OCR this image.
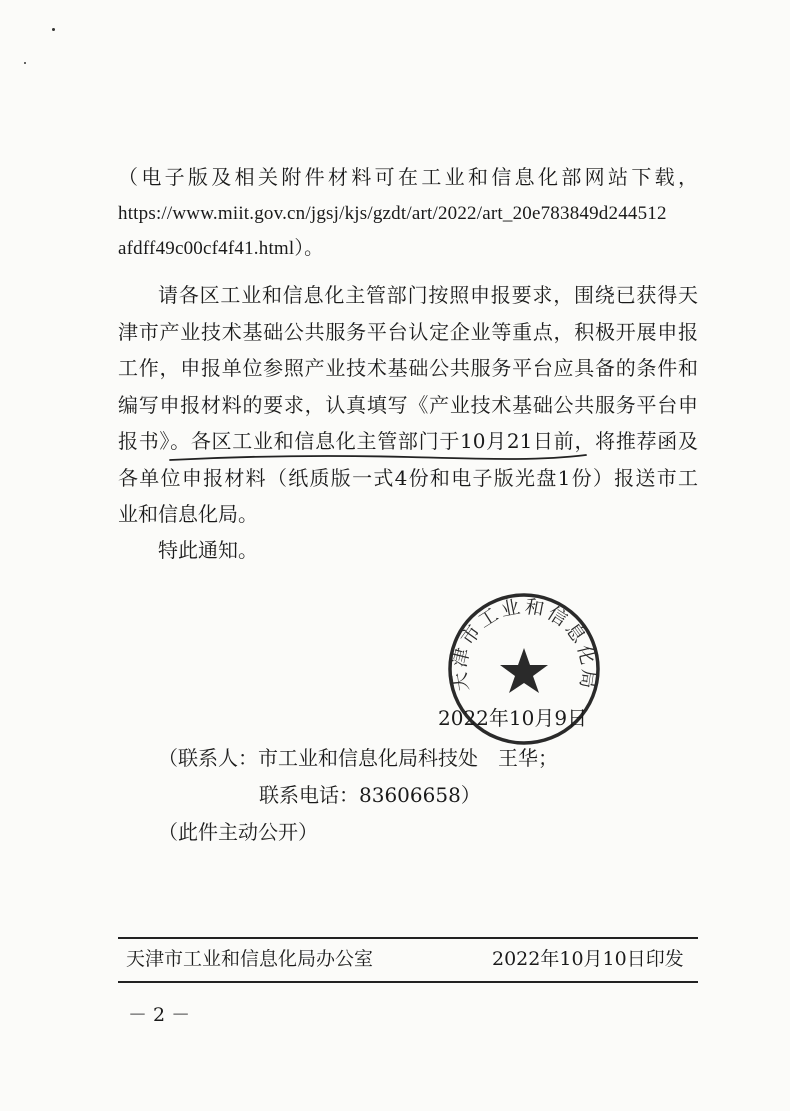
（电子版及相关附件材料可在工业和信息化部网站下载，
https://www.miit.gov.cn/jgsj/kjs/gzdt/art/2022/art_20e783849d244512
afdff49c00cf4f41.html）。
请各区工业和信息化主管部门按照申报要求，围绕已获得天
津市产业技术基础公共服务平台认定企业等重点，积极开展申报
工作，申报单位参照产业技术基础公共服务平台应具备的条件和
编写申报材料的要求，认真填写《产业技术基础公共服务平台申
报书》。各区工业和信息化主管部门于10月21日前，将推荐函及
各单位申报材料（纸质版一式4份和电子版光盘1份）报送市工
业和信息化局。
特此通知。
天津市工业和信息化局
2022年10月9日
（联系人：市工业和信息化局科技处　王华；
联系电话：83606658）
（此件主动公开）
天津市工业和信息化局办公室	2022年10月10日印发
－ 2 －
